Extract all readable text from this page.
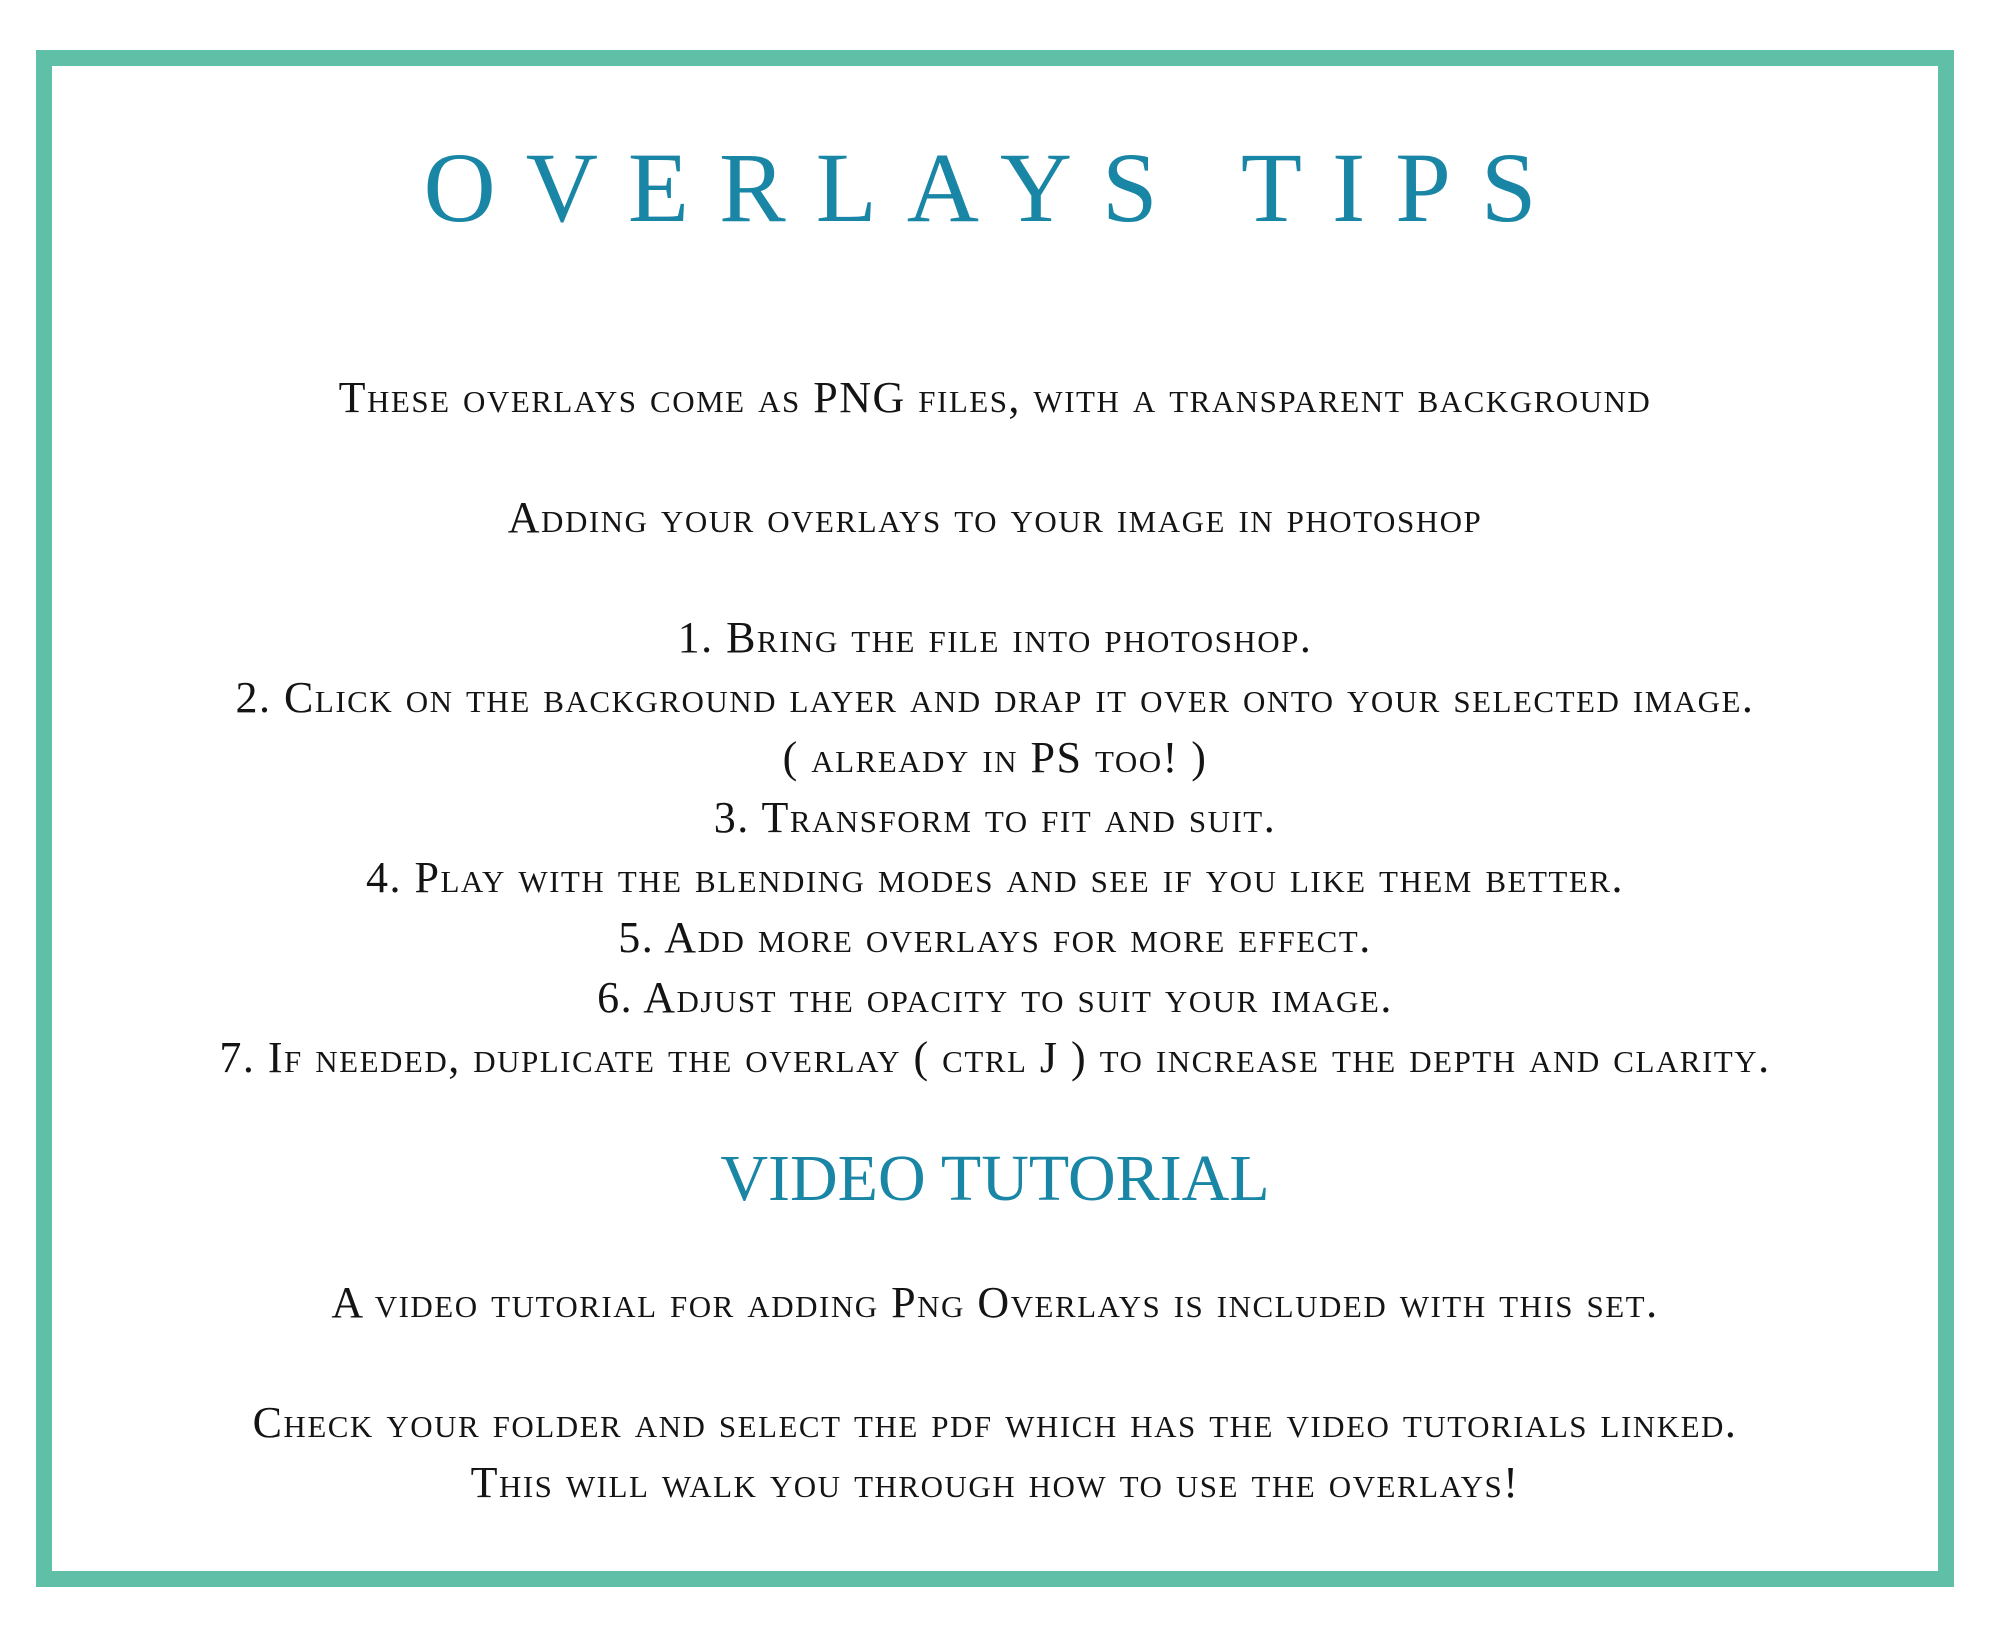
OVERLAYS TIPS
These overlays come as PNG files, with a transparent background
Adding your overlays to your image in photoshop
1. Bring the file into photoshop.
2. Click on the background layer and drap it over onto your selected image.
( already in PS too! )
3. Transform to fit and suit.
4. Play with the blending modes and see if you like them better.
5. Add more overlays for more effect.
6. Adjust the opacity to suit your image.
7. If needed, duplicate the overlay ( ctrl J ) to increase the depth and clarity.
VIDEO TUTORIAL
A video tutorial for adding Png Overlays is included with this set.
Check your folder and select the pdf which has the video tutorials linked.
This will walk you through how to use the overlays!
